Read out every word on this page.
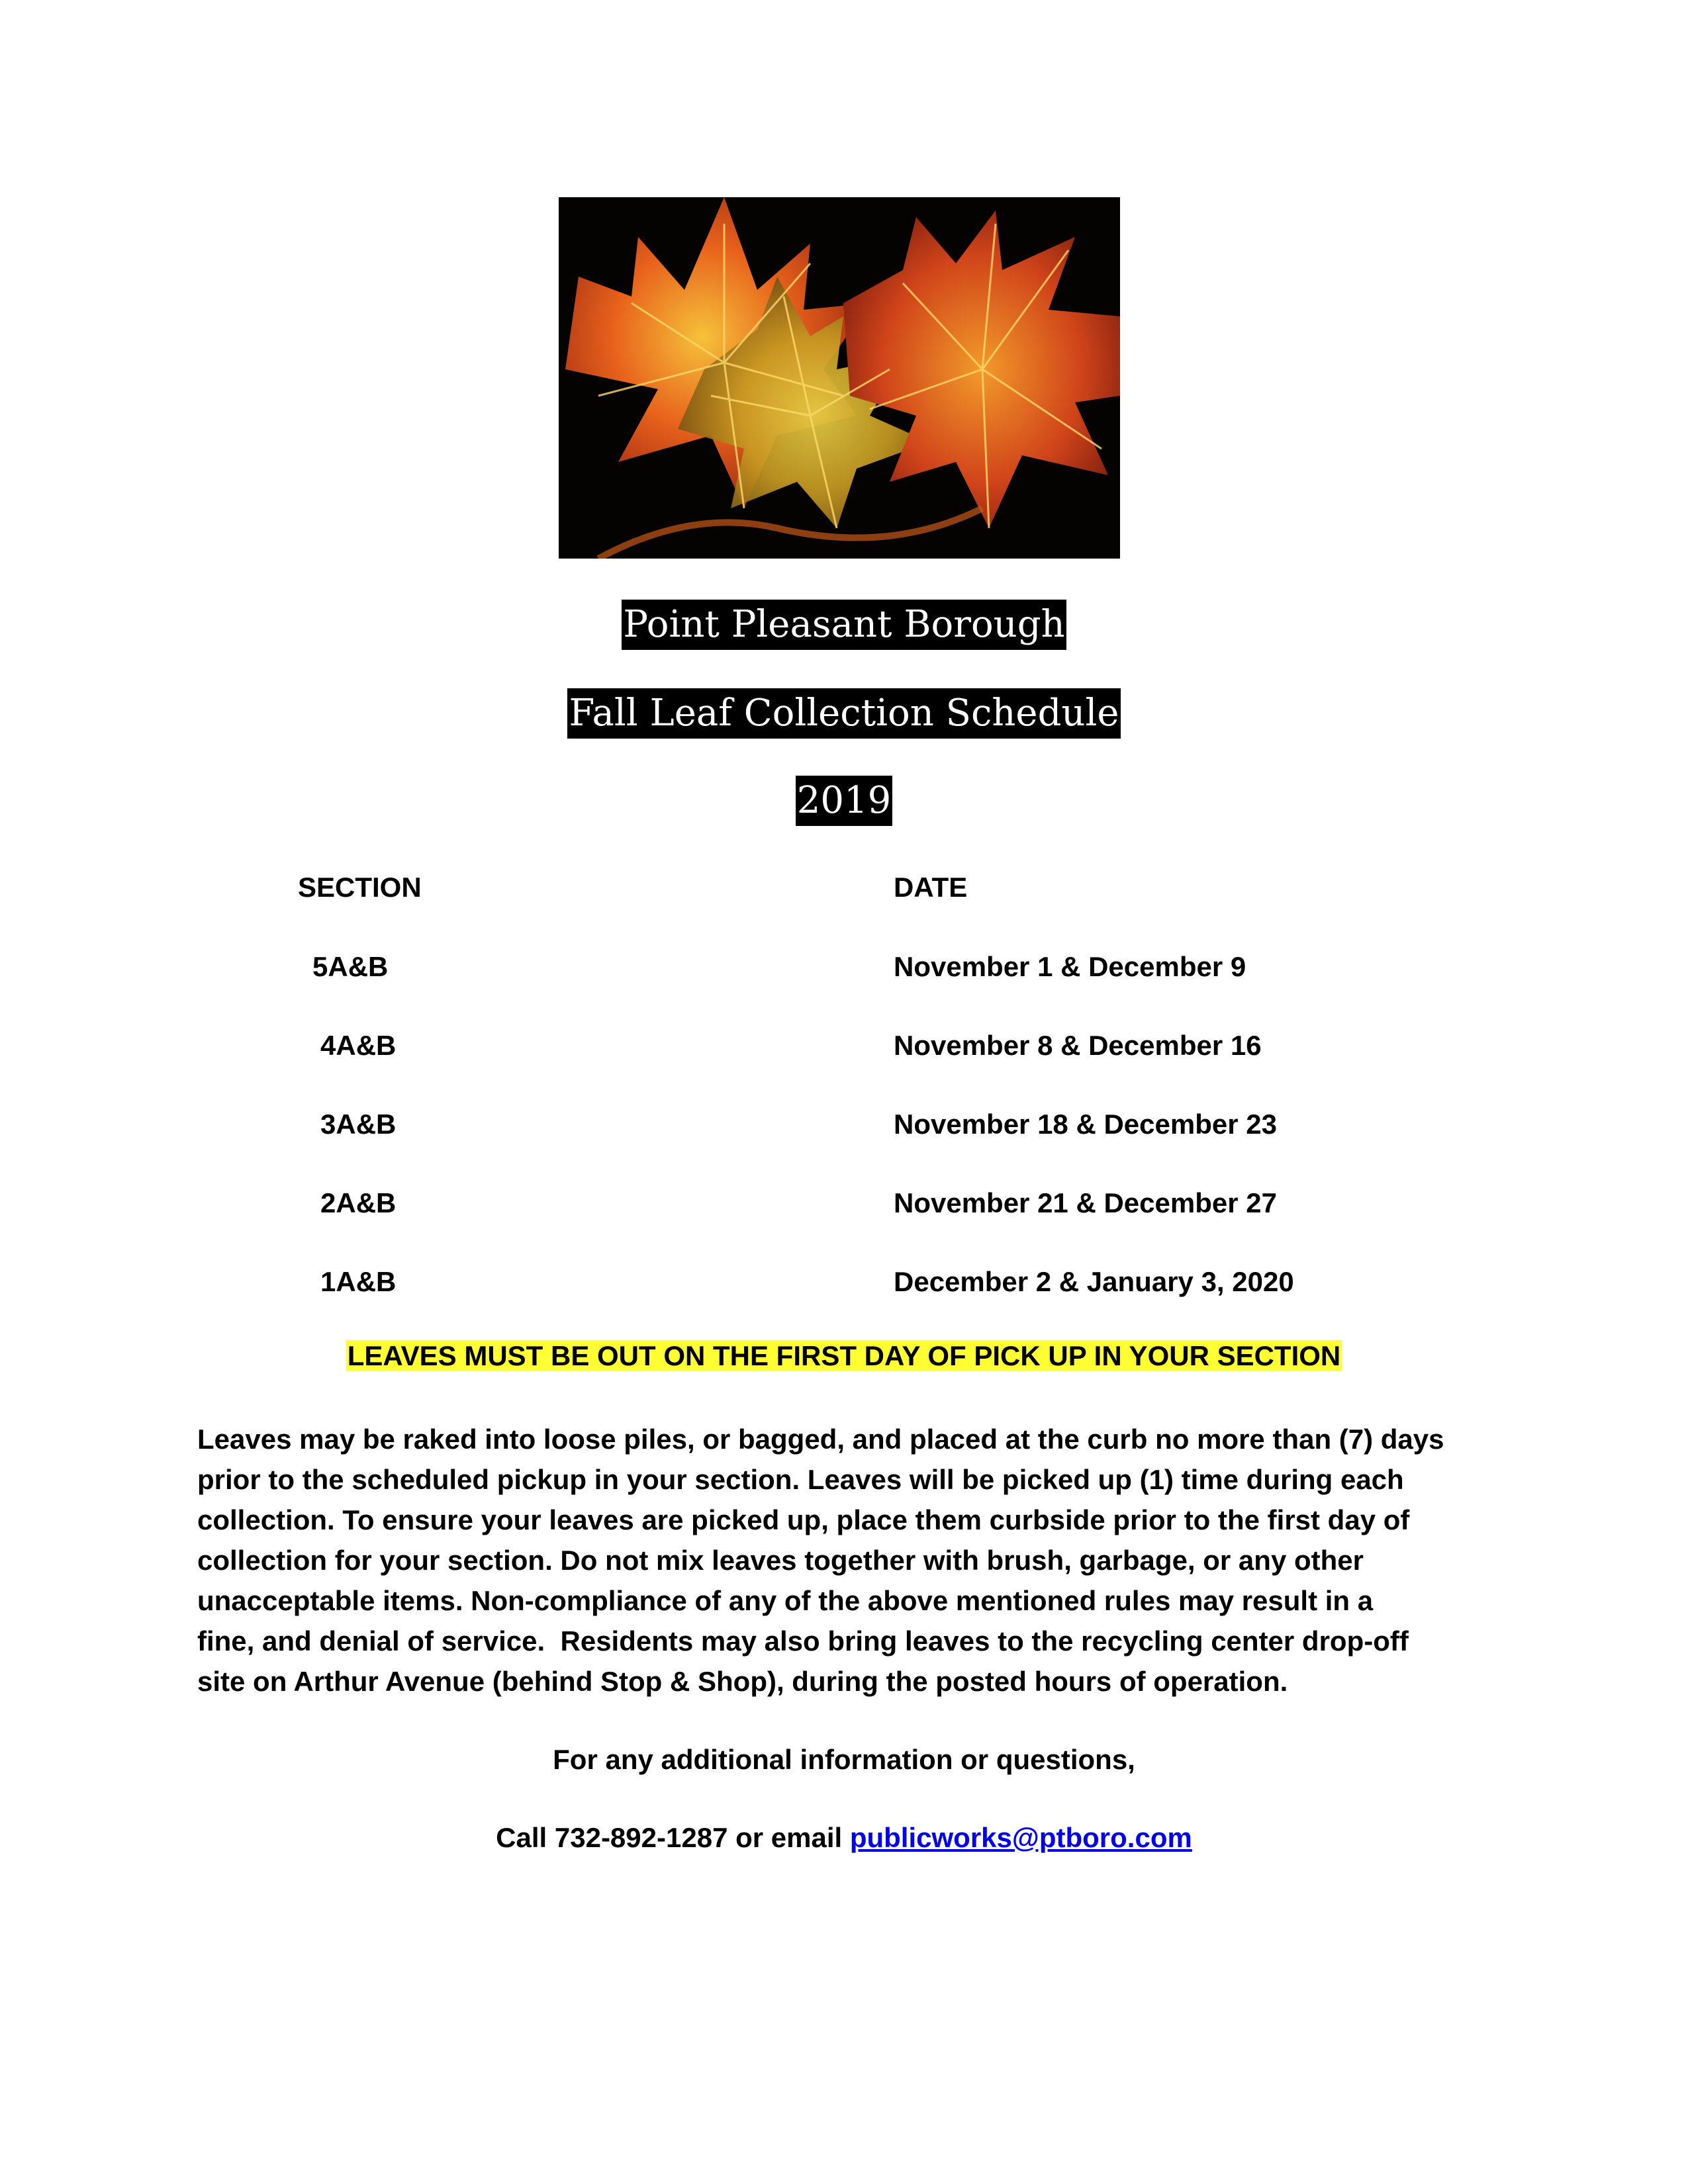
Point Pleasant Borough
Fall Leaf Collection Schedule
2019
SECTION	DATE
5A&B	November 1 & December 9
4A&B	November 8 & December 16
3A&B	November 18 & December 23
2A&B	November 21 & December 27
1A&B	December 2 & January 3, 2020
LEAVES MUST BE OUT ON THE FIRST DAY OF PICK UP IN YOUR SECTION
Leaves may be raked into loose piles, or bagged, and placed at the curb no more than (7) days
prior to the scheduled pickup in your section. Leaves will be picked up (1) time during each
collection. To ensure your leaves are picked up, place them curbside prior to the first day of
collection for your section. Do not mix leaves together with brush, garbage, or any other
unacceptable items. Non-compliance of any of the above mentioned rules may result in a
fine, and denial of service.  Residents may also bring leaves to the recycling center drop-off
site on Arthur Avenue (behind Stop & Shop), during the posted hours of operation.
For any additional information or questions,
Call 732-892-1287 or email publicworks@ptboro.com
